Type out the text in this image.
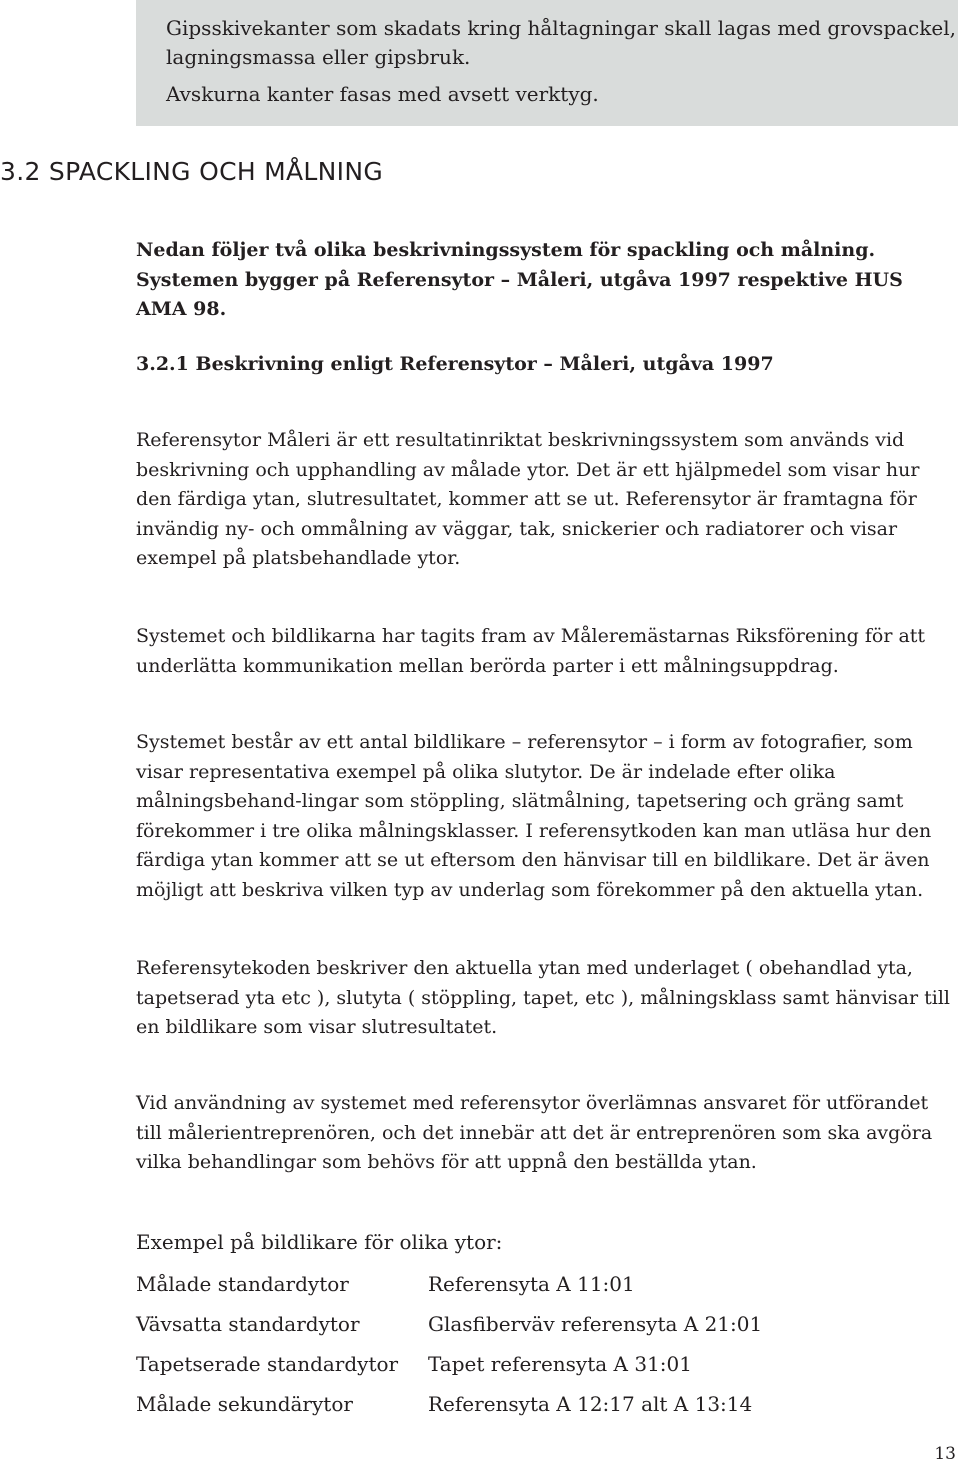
Gipsskivekanter som skadats kring håltagningar skall lagas med grovspackel, lagningsmassa eller gipsbruk.

Avskurna kanter fasas med avsett verktyg.

3.2 SPACKLING OCH MÅLNING

Nedan följer två olika beskrivningssystem för spackling och målning. Systemen bygger på Referensytor – Måleri, utgåva 1997 respektive HUS AMA 98.

3.2.1 Beskrivning enligt Referensytor – Måleri, utgåva 1997

Referensytor Måleri är ett resultatinriktat beskrivningssystem som används vid beskrivning och upphandling av målade ytor. Det är ett hjälpmedel som visar hur den färdiga ytan, slutresultatet, kommer att se ut. Referensytor är framtagna för invändig ny- och ommålning av väggar, tak, snickerier och radiatorer och visar exempel på platsbehandlade ytor.

Systemet och bildlikarna har tagits fram av Måleremästarnas Riksförening för att underlätta kommunikation mellan berörda parter i ett målningsuppdrag.

Systemet består av ett antal bildlikare – referensytor – i form av fotografier, som visar representativa exempel på olika slutytor. De är indelade efter olika målningsbehand-lingar som stöppling, slätmålning, tapetsering och gräng samt förekommer i tre olika målningsklasser. I referensytkoden kan man utläsa hur den färdiga ytan kommer att se ut eftersom den hänvisar till en bildlikare. Det är även möjligt att beskriva vilken typ av underlag som förekommer på den aktuella ytan.

Referensytekoden beskriver den aktuella ytan med underlaget ( obehandlad yta, tapetserad yta etc ), slutyta ( stöppling, tapet, etc ), målningsklass samt hänvisar till en bildlikare som visar slutresultatet.

Vid användning av systemet med referensytor överlämnas ansvaret för utförandet till målerientreprenören, och det innebär att det är entreprenören som ska avgöra vilka behandlingar som behövs för att uppnå den beställda ytan.

Exempel på bildlikare för olika ytor:

Målade standardytor	Referensyta A 11:01
Vävsatta standardytor	Glasfiberväv referensyta A 21:01
Tapetserade standardytor	Tapet referensyta A 31:01
Målade sekundärytor	Referensyta A 12:17 alt A 13:14
13
